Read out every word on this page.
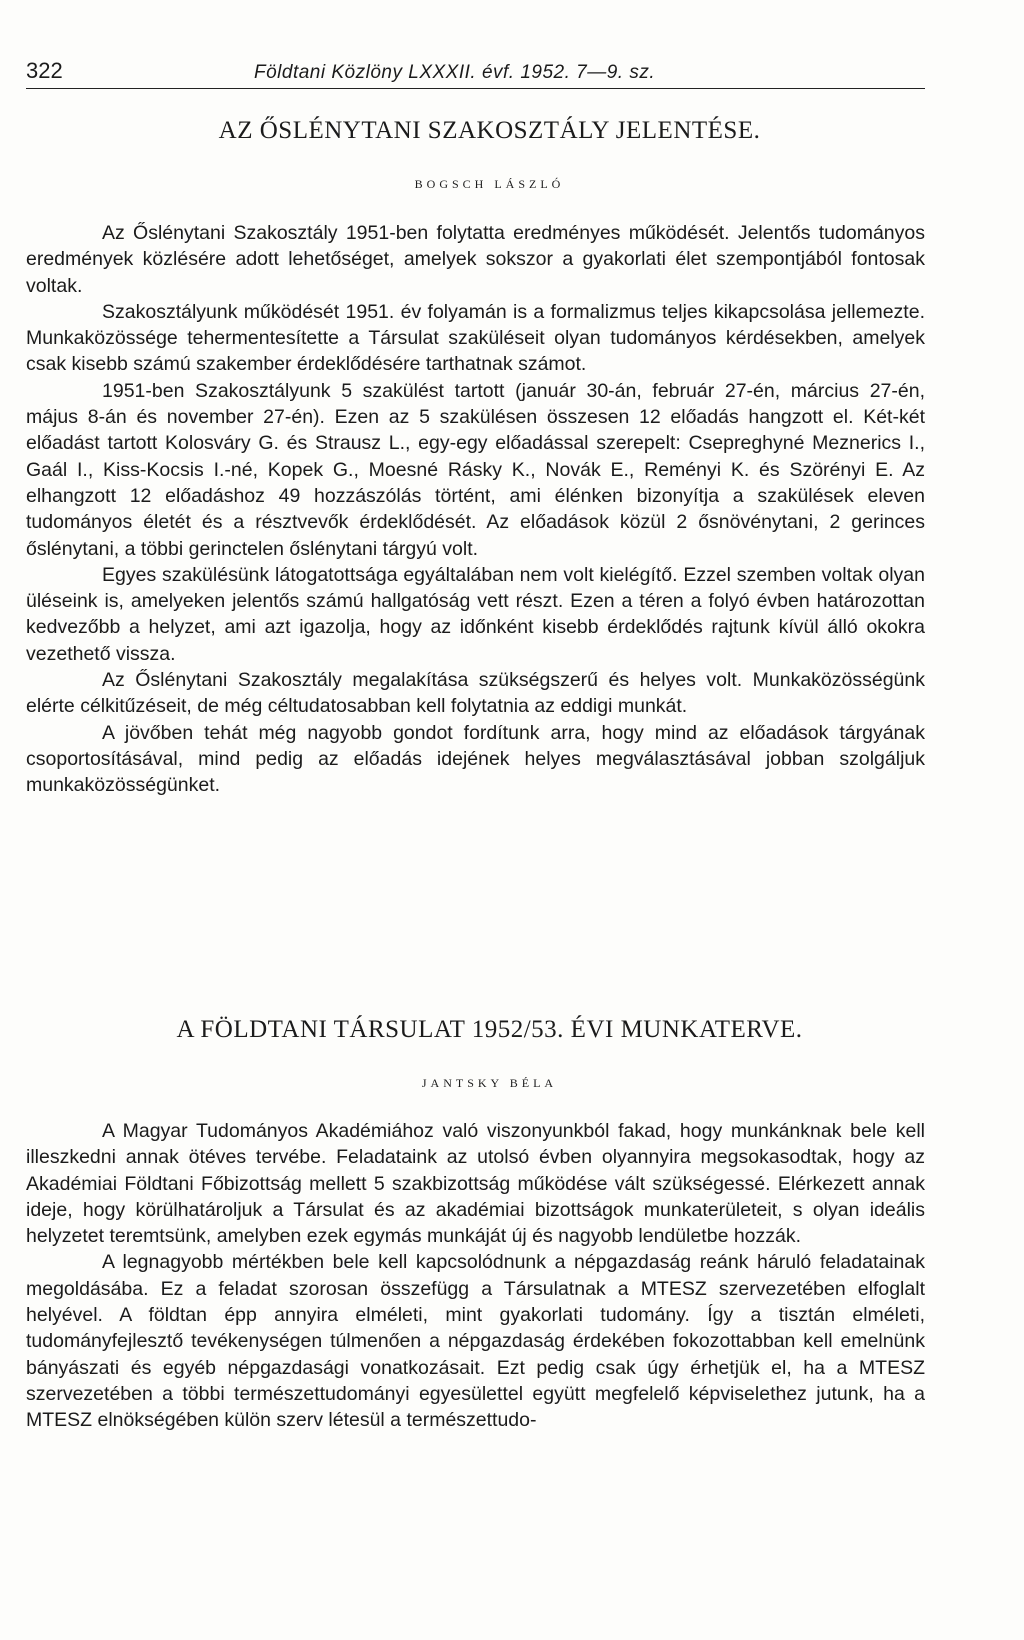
322	Földtani Közlöny LXXXII. évf. 1952. 7—9. sz.
AZ ŐSLÉNYTANI SZAKOSZTÁLY JELENTÉSE.
BOGSCH LÁSZLÓ

Az Őslénytani Szakosztály 1951-ben folytatta eredményes működését. Jelentős tudományos eredmények közlésére adott lehetőséget, amelyek sokszor a gyakorlati élet szempontjából fontosak voltak.

Szakosztályunk működését 1951. év folyamán is a formalizmus teljes kikapcsolása jellemezte. Munkaközössége tehermentesítette a Társulat szaküléseit olyan tudományos kérdésekben, amelyek csak kisebb számú szakember érdeklődésére tarthatnak számot.

1951-ben Szakosztályunk 5 szakülést tartott (január 30-án, február 27-én, március 27-én, május 8-án és november 27-én). Ezen az 5 szakülésen összesen 12 előadás hangzott el. Két-két előadást tartott Kolosváry G. és Strausz L., egy-egy előadással szerepelt: Csepreghyné Meznerics I., Gaál I., Kiss-Kocsis I.-né, Kopek G., Moesné Rásky K., Novák E., Reményi K. és Szörényi E. Az elhangzott 12 előadáshoz 49 hozzászólás történt, ami élénken bizonyítja a szakülések eleven tudományos életét és a résztvevők érdeklődését. Az előadások közül 2 ősnövénytani, 2 gerinces őslénytani, a többi gerinctelen őslénytani tárgyú volt.

Egyes szakülésünk látogatottsága egyáltalában nem volt kielégítő. Ezzel szemben voltak olyan üléseink is, amelyeken jelentős számú hallgatóság vett részt. Ezen a téren a folyó évben határozottan kedvezőbb a helyzet, ami azt igazolja, hogy az időnként kisebb érdeklődés rajtunk kívül álló okokra vezethető vissza.

Az Őslénytani Szakosztály megalakítása szükségszerű és helyes volt. Munkaközösségünk elérte célkitűzéseit, de még céltudatosabban kell folytatnia az eddigi munkát.

A jövőben tehát még nagyobb gondot fordítunk arra, hogy mind az előadások tárgyának csoportosításával, mind pedig az előadás idejének helyes megválasztásával jobban szolgáljuk munkaközösségünket.

A FÖLDTANI TÁRSULAT 1952/53. ÉVI MUNKATERVE.
JANTSKY BÉLA

A Magyar Tudományos Akadémiához való viszonyunkból fakad, hogy munkánknak bele kell illeszkedni annak ötéves tervébe. Feladataink az utolsó évben olyannyira megsokasodtak, hogy az Akadémiai Földtani Főbizottság mellett 5 szakbizottság működése vált szükségessé. Elérkezett annak ideje, hogy körülhatároljuk a Társulat és az akadémiai bizottságok munkaterületeit, s olyan ideális helyzetet teremtsünk, amelyben ezek egymás munkáját új és nagyobb lendületbe hozzák.

A legnagyobb mértékben bele kell kapcsolódnunk a népgazdaság reánk háruló feladatainak megoldásába. Ez a feladat szorosan összefügg a Társulatnak a MTESZ szervezetében elfoglalt helyével. A földtan épp annyira elméleti, mint gyakorlati tudomány. Így a tisztán elméleti, tudományfejlesztő tevékenységen túlmenően a népgazdaság érdekében fokozottabban kell emelnünk bányászati és egyéb népgazdasági vonatkozásait. Ezt pedig csak úgy érhetjük el, ha a MTESZ szervezetében a többi természettudományi egyesülettel együtt megfelelő képviselethez jutunk, ha a MTESZ elnökségében külön szerv létesül a természettudo-
